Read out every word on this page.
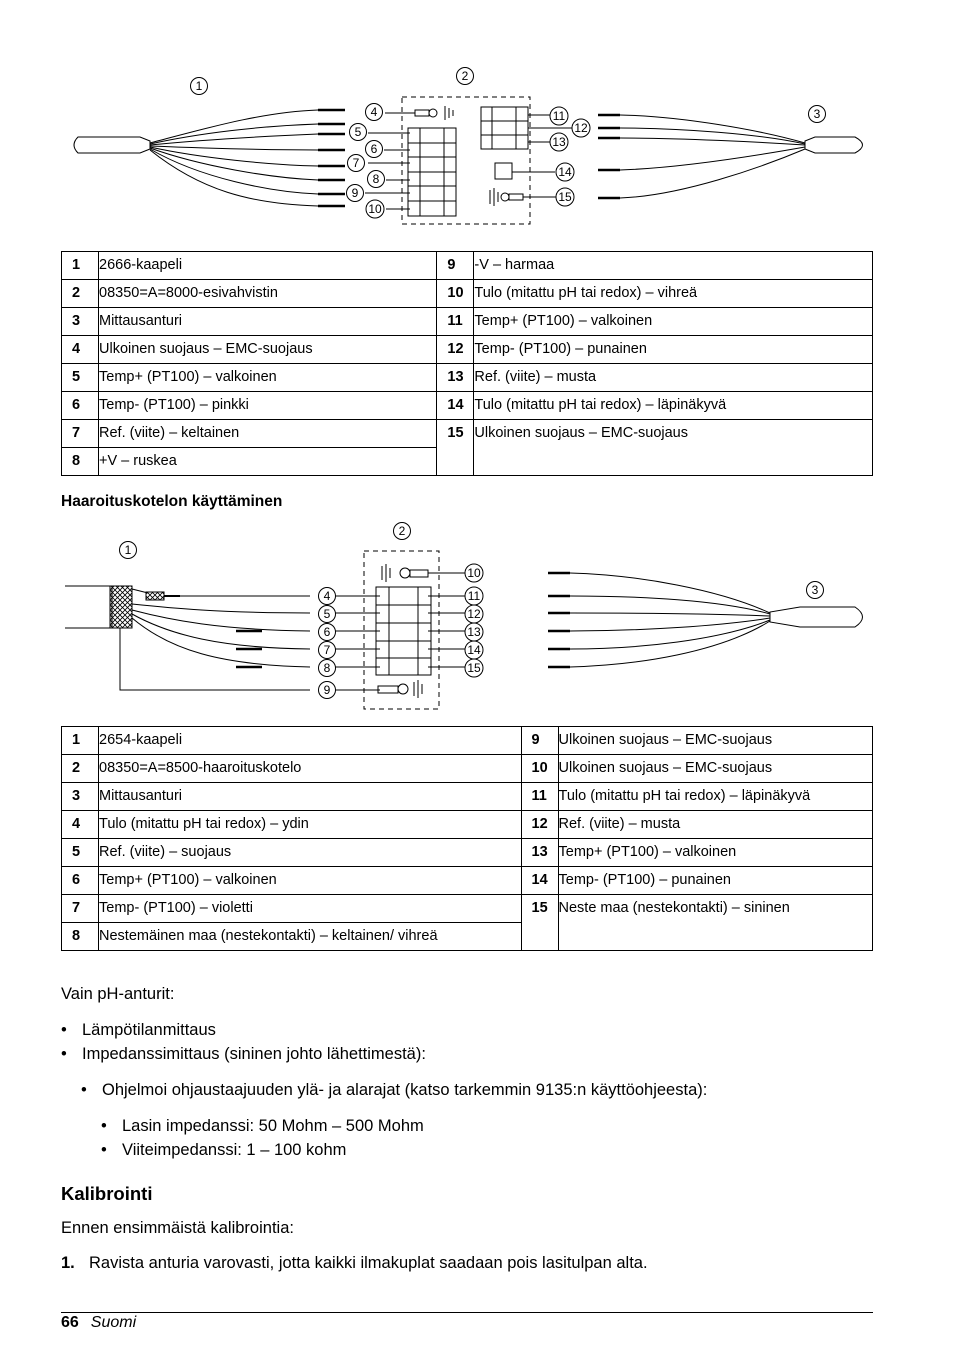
1
2
3
4
5
6
7
8
9
10
11
12
13
14
15
1	2666-kaapeli	9	-V – harmaa
2	08350=A=8000-esivahvistin	10	Tulo (mitattu pH tai redox) – vihreä
3	Mittausanturi	11	Temp+ (PT100) – valkoinen
4	Ulkoinen suojaus – EMC-suojaus	12	Temp- (PT100) – punainen
5	Temp+ (PT100) – valkoinen	13	Ref. (viite) – musta
6	Temp- (PT100) – pinkki	14	Tulo (mitattu pH tai redox) – läpinäkyvä
7	Ref. (viite) – keltainen	15	Ulkoinen suojaus – EMC-suojaus
8	+V – ruskea		
Haaroituskotelon käyttäminen
1
2
3
4
5
6
7
8
9
10
11
12
13
14
15
1	2654-kaapeli	9	Ulkoinen suojaus – EMC-suojaus
2	08350=A=8500-haaroituskotelo	10	Ulkoinen suojaus – EMC-suojaus
3	Mittausanturi	11	Tulo (mitattu pH tai redox) – läpinäkyvä
4	Tulo (mitattu pH tai redox) – ydin	12	Ref. (viite) – musta
5	Ref. (viite) – suojaus	13	Temp+ (PT100) – valkoinen
6	Temp+ (PT100) – valkoinen	14	Temp- (PT100) – punainen
7	Temp- (PT100) – violetti	15	Neste maa (nestekontakti) – sininen
8	Nestemäinen maa (nestekontakti) – keltainen/ vihreä		
Vain pH-anturit:
• Lämpötilanmittaus
• Impedanssimittaus (sininen johto lähettimestä):
• Ohjelmoi ohjaustaajuuden ylä- ja alarajat (katso tarkemmin 9135:n käyttöohjeesta):
• Lasin impedanssi: 50 Mohm – 500 Mohm
• Viiteimpedanssi: 1 – 100 kohm
Kalibrointi
Ennen ensimmäistä kalibrointia:
1. Ravista anturia varovasti, jotta kaikki ilmakuplat saadaan pois lasitulpan alta.
66 Suomi
